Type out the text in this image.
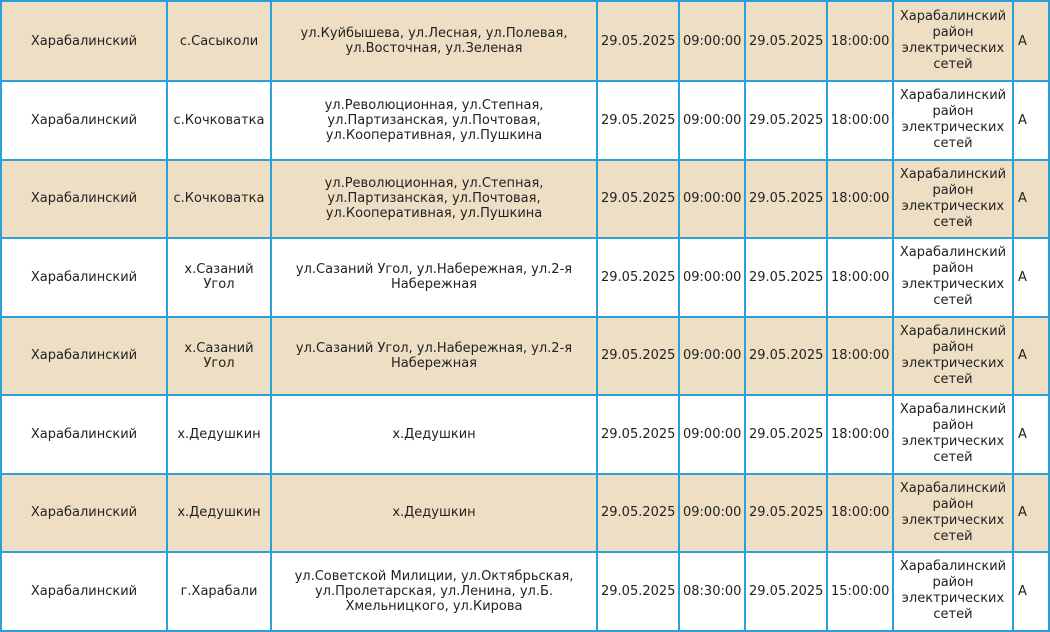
Харабалинский	с.Сасыколи	ул.Куйбышева, ул.Лесная, ул.Полевая, ул.Восточная, ул.Зеленая	29.05.2025	09:00:00	29.05.2025	18:00:00	Харабалинский район электрических сетей	А
Харабалинский	с.Кочковатка	ул.Революционная, ул.Степная, ул.Партизанская, ул.Почтовая, ул.Кооперативная, ул.Пушкина	29.05.2025	09:00:00	29.05.2025	18:00:00	Харабалинский район электрических сетей	А
Харабалинский	с.Кочковатка	ул.Революционная, ул.Степная, ул.Партизанская, ул.Почтовая, ул.Кооперативная, ул.Пушкина	29.05.2025	09:00:00	29.05.2025	18:00:00	Харабалинский район электрических сетей	А
Харабалинский	х.Сазаний Угол	ул.Сазаний Угол, ул.Набережная, ул.2-я Набережная	29.05.2025	09:00:00	29.05.2025	18:00:00	Харабалинский район электрических сетей	А
Харабалинский	х.Сазаний Угол	ул.Сазаний Угол, ул.Набережная, ул.2-я Набережная	29.05.2025	09:00:00	29.05.2025	18:00:00	Харабалинский район электрических сетей	А
Харабалинский	х.Дедушкин	х.Дедушкин	29.05.2025	09:00:00	29.05.2025	18:00:00	Харабалинский район электрических сетей	А
Харабалинский	х.Дедушкин	х.Дедушкин	29.05.2025	09:00:00	29.05.2025	18:00:00	Харабалинский район электрических сетей	А
Харабалинский	г.Харабали	ул.Советской Милиции, ул.Октябрьская, ул.Пролетарская, ул.Ленина, ул.Б. Хмельницкого, ул.Кирова	29.05.2025	08:30:00	29.05.2025	15:00:00	Харабалинский район электрических сетей	А
